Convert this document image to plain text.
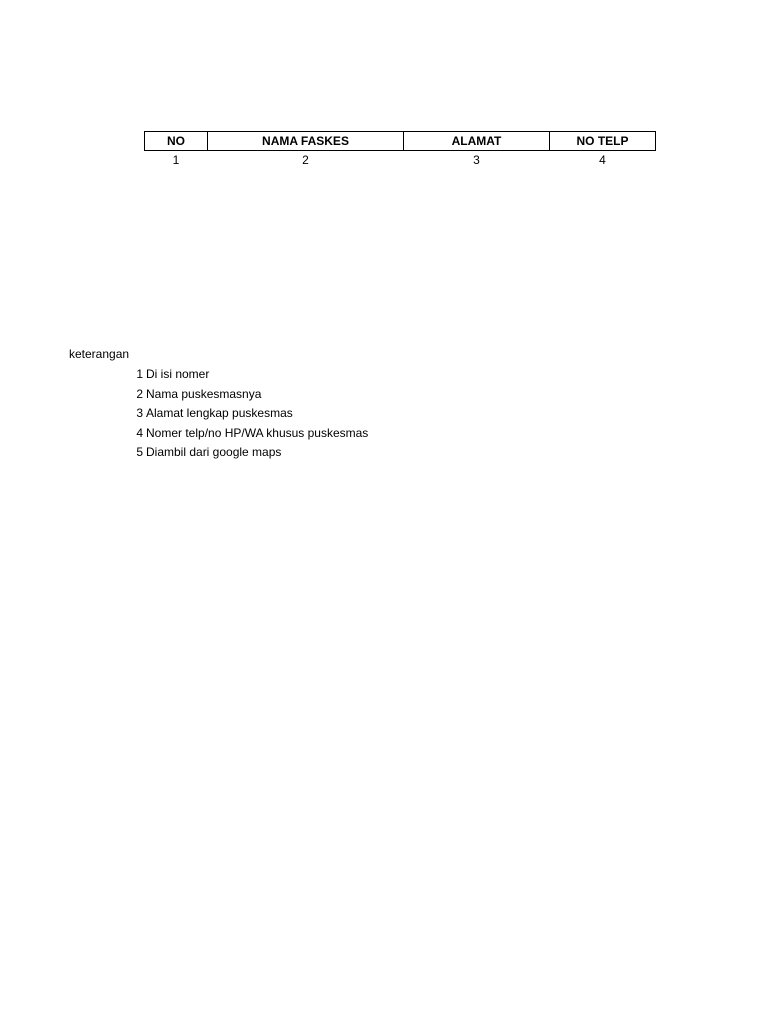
NO	NAMA FASKES	ALAMAT	NO TELP
1	2	3	4
keterangan
1 Di isi nomer
2 Nama puskesmasnya
3 Alamat lengkap puskesmas
4 Nomer telp/no HP/WA khusus puskesmas
5 Diambil dari google maps
